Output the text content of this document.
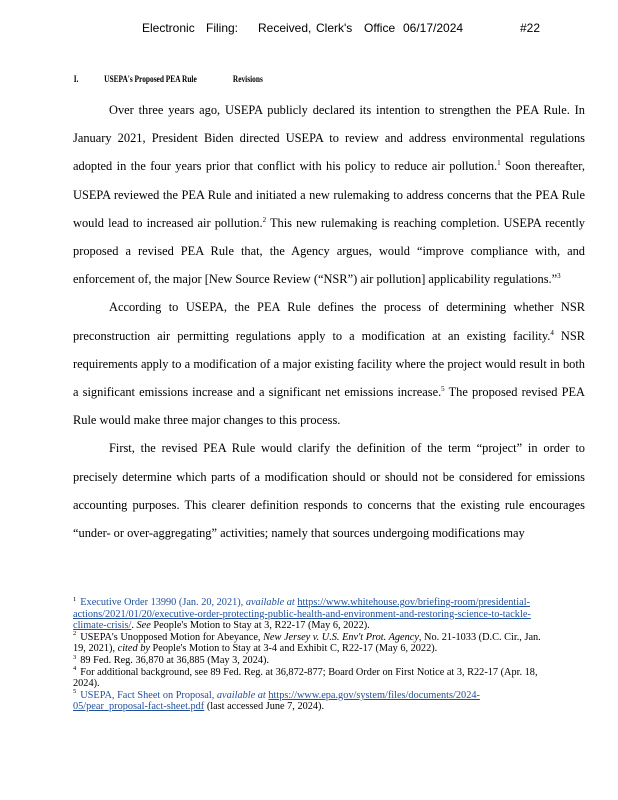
Electronic Filing: Received, Clerk's Office 06/17/2024	#22
I.	USEPA's Proposed PEA Rule	Revisions

Over three years ago, USEPA publicly declared its intention to strengthen the PEA Rule. In January 2021, President Biden directed USEPA to review and address environmental regulations adopted in the four years prior that conflict with his policy to reduce air pollution.$^1$ Soon thereafter, USEPA reviewed the PEA Rule and initiated a new rulemaking to address concerns that the PEA Rule would lead to increased air pollution.$^2$ This new rulemaking is reaching completion. USEPA recently proposed a revised PEA Rule that, the Agency argues, would “improve compliance with, and enforcement of, the major [New Source Review (“NSR”) air pollution] applicability regulations.”$^3$

According to USEPA, the PEA Rule defines the process of determining whether NSR preconstruction air permitting regulations apply to a modification at an existing facility.$^4$ NSR requirements apply to a modification of a major existing facility where the project would result in both a significant emissions increase and a significant net emissions increase.$^5$ The proposed revised PEA Rule would make three major changes to this process.

First, the revised PEA Rule would clarify the definition of the term “project” in order to precisely determine which parts of a modification should or should not be considered for emissions accounting purposes. This clearer definition responds to concerns that the existing rule encourages “under- or over-aggregating” activities; namely that sources undergoing modifications may

$^1$ Executive Order 13990 (Jan. 20, 2021), available at https://www.whitehouse.gov/briefing-room/presidential-actions/2021/01/20/executive-order-protecting-public-health-and-environment-and-restoring-science-to-tackle-climate-crisis/. See People's Motion to Stay at 3, R22-17 (May 6, 2022).

$^2$ USEPA's Unopposed Motion for Abeyance, New Jersey v. U.S. Env't Prot. Agency, No. 21-1033 (D.C. Cir., Jan. 19, 2021), cited by People's Motion to Stay at 3-4 and Exhibit C, R22-17 (May 6, 2022).

$^3$ 89 Fed. Reg. 36,870 at 36,885 (May 3, 2024).

$^4$ For additional background, see 89 Fed. Reg. at 36,872-877; Board Order on First Notice at 3, R22-17 (Apr. 18, 2024).

$^5$ USEPA, Fact Sheet on Proposal, available at https://www.epa.gov/system/files/documents/2024-05/pear_proposal-fact-sheet.pdf (last accessed June 7, 2024).
